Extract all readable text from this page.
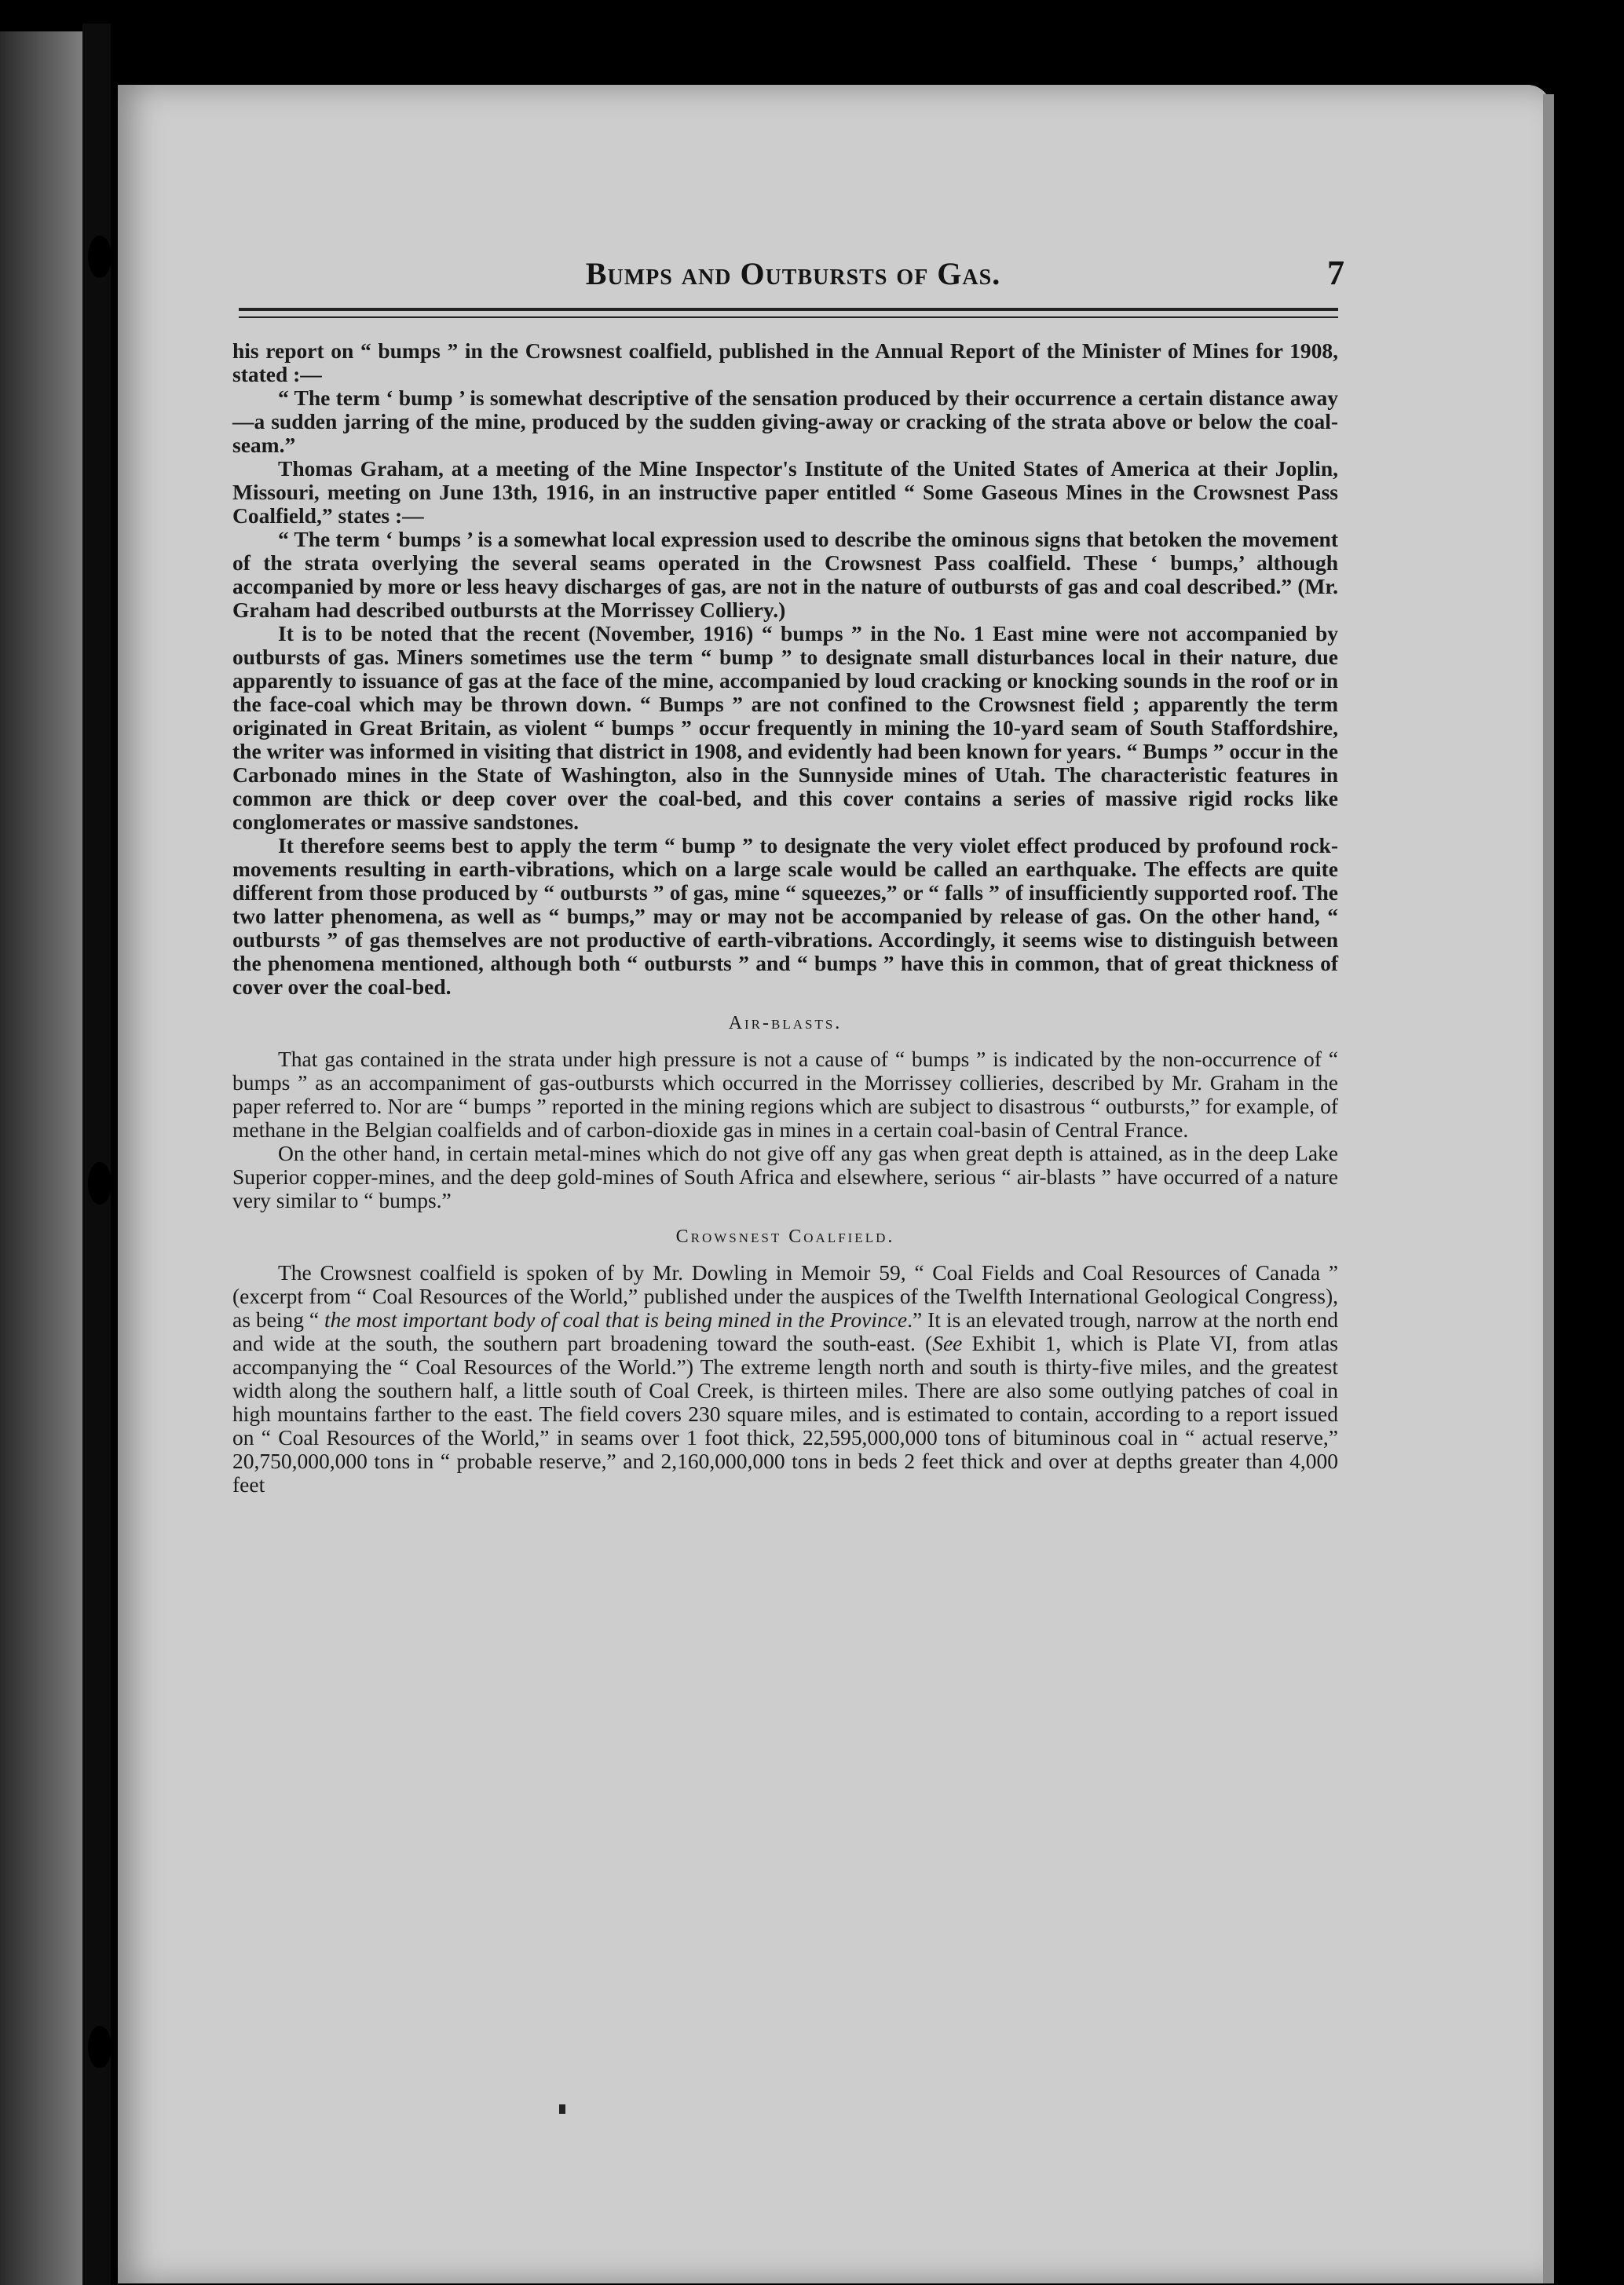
Bumps and Outbursts of Gas.	7

his report on “ bumps ” in the Crowsnest coalfield, published in the Annual Report of the Minister of Mines for 1908, stated :—

“ The term ‘ bump ’ is somewhat descriptive of the sensation produced by their occurrence a certain distance away—a sudden jarring of the mine, produced by the sudden giving-away or cracking of the strata above or below the coal-seam.”

Thomas Graham, at a meeting of the Mine Inspector's Institute of the United States of America at their Joplin, Missouri, meeting on June 13th, 1916, in an instructive paper entitled “ Some Gaseous Mines in the Crowsnest Pass Coalfield,” states :—

“ The term ‘ bumps ’ is a somewhat local expression used to describe the ominous signs that betoken the movement of the strata overlying the several seams operated in the Crowsnest Pass coalfield. These ‘ bumps,’ although accompanied by more or less heavy discharges of gas, are not in the nature of outbursts of gas and coal described.” (Mr. Graham had described outbursts at the Morrissey Colliery.)

It is to be noted that the recent (November, 1916) “ bumps ” in the No. 1 East mine were not accompanied by outbursts of gas. Miners sometimes use the term “ bump ” to designate small disturbances local in their nature, due apparently to issuance of gas at the face of the mine, accompanied by loud cracking or knocking sounds in the roof or in the face-coal which may be thrown down. “ Bumps ” are not confined to the Crowsnest field ; apparently the term originated in Great Britain, as violent “ bumps ” occur frequently in mining the 10-yard seam of South Staffordshire, the writer was informed in visiting that district in 1908, and evidently had been known for years. “ Bumps ” occur in the Carbonado mines in the State of Washington, also in the Sunnyside mines of Utah. The characteristic features in common are thick or deep cover over the coal-bed, and this cover contains a series of massive rigid rocks like conglomerates or massive sandstones.

It therefore seems best to apply the term “ bump ” to designate the very violet effect produced by profound rock-movements resulting in earth-vibrations, which on a large scale would be called an earthquake. The effects are quite different from those produced by “ outbursts ” of gas, mine “ squeezes,” or “ falls ” of insufficiently supported roof. The two latter phenomena, as well as “ bumps,” may or may not be accompanied by release of gas. On the other hand, “ outbursts ” of gas themselves are not productive of earth-vibrations. Accordingly, it seems wise to distinguish between the phenomena mentioned, although both “ outbursts ” and “ bumps ” have this in common, that of great thickness of cover over the coal-bed.

Air-blasts.

That gas contained in the strata under high pressure is not a cause of “ bumps ” is indicated by the non-occurrence of “ bumps ” as an accompaniment of gas-outbursts which occurred in the Morrissey collieries, described by Mr. Graham in the paper referred to. Nor are “ bumps ” reported in the mining regions which are subject to disastrous “ outbursts,” for example, of methane in the Belgian coalfields and of carbon-dioxide gas in mines in a certain coal-basin of Central France.

On the other hand, in certain metal-mines which do not give off any gas when great depth is attained, as in the deep Lake Superior copper-mines, and the deep gold-mines of South Africa and elsewhere, serious “ air-blasts ” have occurred of a nature very similar to “ bumps.”

Crowsnest Coalfield.

The Crowsnest coalfield is spoken of by Mr. Dowling in Memoir 59, “ Coal Fields and Coal Resources of Canada ” (excerpt from “ Coal Resources of the World,” published under the auspices of the Twelfth International Geological Congress), as being “ the most important body of coal that is being mined in the Province.” It is an elevated trough, narrow at the north end and wide at the south, the southern part broadening toward the south-east. (See Exhibit 1, which is Plate VI, from atlas accompanying the “ Coal Resources of the World.”) The extreme length north and south is thirty-five miles, and the greatest width along the southern half, a little south of Coal Creek, is thirteen miles. There are also some outlying patches of coal in high mountains farther to the east. The field covers 230 square miles, and is estimated to contain, according to a report issued on “ Coal Resources of the World,” in seams over 1 foot thick, 22,595,000,000 tons of bituminous coal in “ actual reserve,” 20,750,000,000 tons in “ probable reserve,” and 2,160,000,000 tons in beds 2 feet thick and over at depths greater than 4,000 feet
